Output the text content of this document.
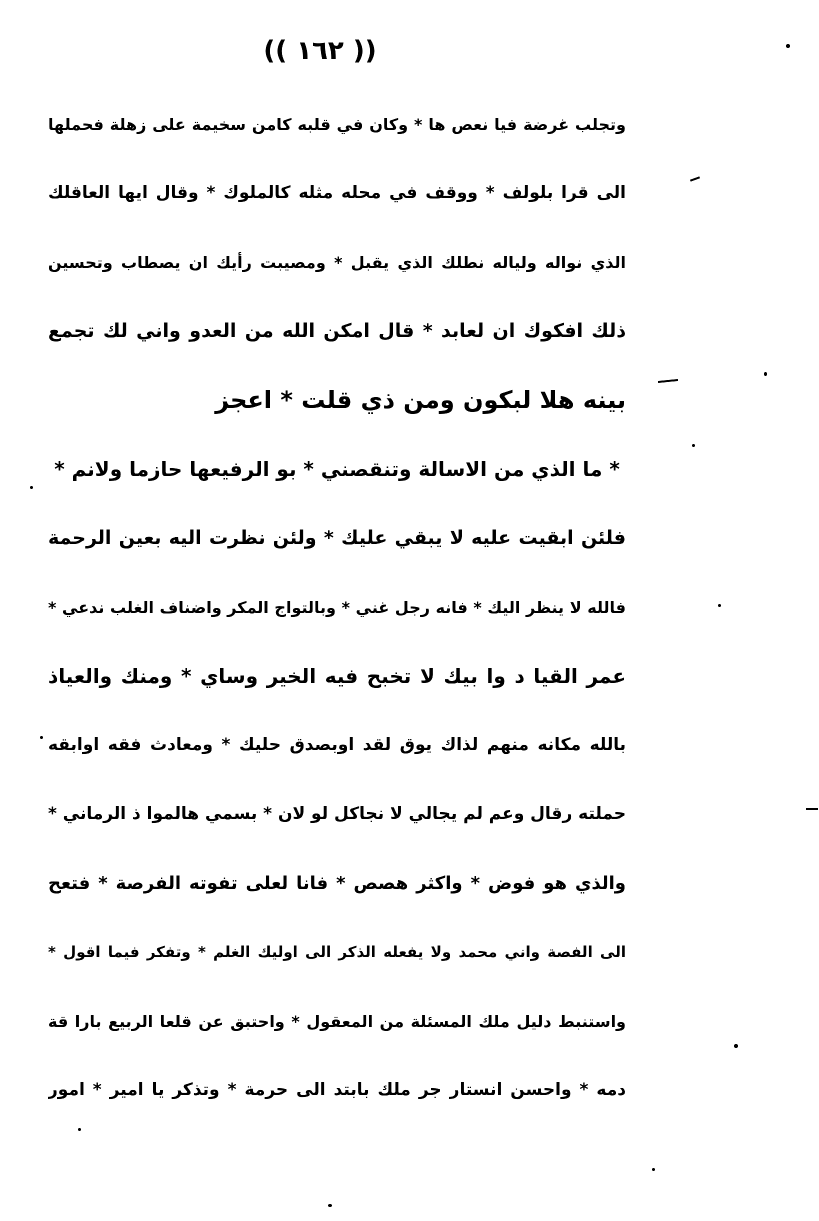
(( ١٦٢ ))
وتجلب غرضة فيا نعص ها * وكان في قلبه كامن سخيمة على زهلة فحملها
الى قرا بلولف * ووقف في محله مثله كالملوك * وقال ايها العاقلك
الذي نواله ولياله نطلك الذي يقبل * ومصيبت رأيك ان يصطاب وتحسين
ذلك افكوك ان لعابد * قال امكن الله من العدو واني لك تجمع
بينه هلا لبكون ومن ذي قلت * اعجز
* ما الذي من الاسالة وتنقصني * بو الرفيعها حازما ولانم *
فلئن ابقيت عليه لا يبقي عليك * ولئن نظرت اليه بعين الرحمة
فالله لا ينظر اليك * فانه رجل غني * وبالتواج المكر واضناف الغلب ندعي *
عمر القيا د وا بيك لا تخبح فيه الخير وساي * ومنك والعياذ
بالله مكانه منهم لذاك يوق لقد اوبصدق حليك * ومعادث فقه اوابقه
حملته رقال وعم لم يجالي لا نجاكل لو لان * بسمي هالموا ذ الرماني *
والذي هو فوض * واكثر هصص * فانا لعلى تفوته الفرصة * فتعح
الى الفصة واني محمد ولا يفعله الذكر الى اوليك الغلم * وتفكر فيما اقول *
واستنبط دليل ملك المسئلة من المعقول * واحتبق عن قلعا الربيع بارا قة
دمه * واحسن انستار جر ملك بابتد الى حرمة * وتذكر يا امير * امور
